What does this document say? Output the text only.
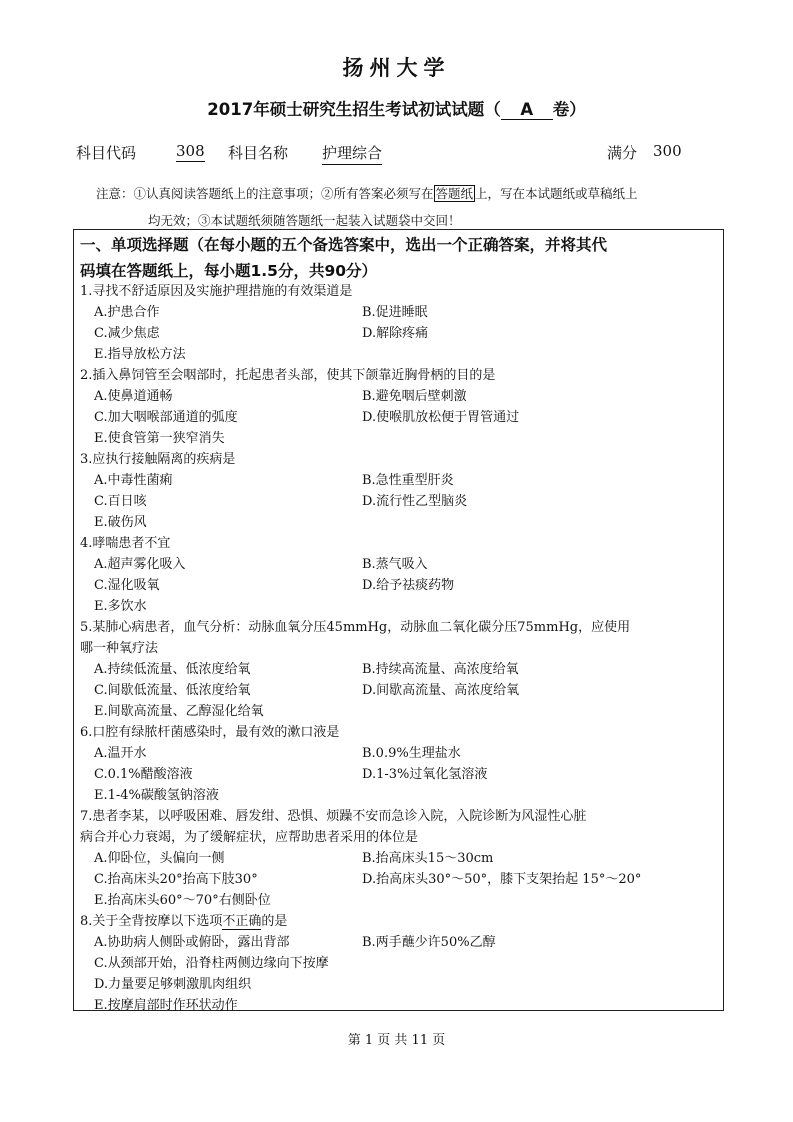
扬州大学
2017年硕士研究生招生考试初试试题（ A 卷）
科目代码	308 科目名称 护理综合	满分 300
注意：①认真阅读答题纸上的注意事项；②所有答案必须写在 答题纸 上，写在本试题纸或草稿纸上
均无效；③本试题纸须随答题纸一起装入试题袋中交回！
一、单项选择题（在每小题的五个备选答案中，选出一个正确答案，并将其代
码填在答题纸上，每小题1.5分，共90分）
1.寻找不舒适原因及实施护理措施的有效渠道是
A.护患合作	B.促进睡眠
C.减少焦虑	D.解除疼痛
E.指导放松方法
2.插入鼻饲管至会咽部时，托起患者头部，使其下颌靠近胸骨柄的目的是
A.使鼻道通畅	B.避免咽后壁刺激
C.加大咽喉部通道的弧度	D.使喉肌放松便于胃管通过
E.使食管第一狭窄消失
3.应执行接触隔离的疾病是
A.中毒性菌痢	B.急性重型肝炎
C.百日咳	D.流行性乙型脑炎
E.破伤风
4.哮喘患者不宜
A.超声雾化吸入	B.蒸气吸入
C.湿化吸氧	D.给予祛痰药物
E.多饮水
5.某肺心病患者，血气分析：动脉血氧分压45mmHg，动脉血二氧化碳分压75mmHg，应使用
哪一种氧疗法
A.持续低流量、低浓度给氧	B.持续高流量、高浓度给氧
C.间歇低流量、低浓度给氧	D.间歇高流量、高浓度给氧
E.间歇高流量、乙醇湿化给氧
6.口腔有绿脓杆菌感染时，最有效的漱口液是
A.温开水	B.0.9%生理盐水
C.0.1%醋酸溶液	D.1-3%过氧化氢溶液
E.1-4%碳酸氢钠溶液
7.患者李某，以呼吸困难、唇发绀、恐惧、烦躁不安而急诊入院，入院诊断为风湿性心脏
病合并心力衰竭，为了缓解症状，应帮助患者采用的体位是
A.仰卧位，头偏向一侧	B.抬高床头15～30cm
C.抬高床头20°抬高下肢30°	D.抬高床头30°～50°，膝下支架抬起 15°～20°
E.抬高床头60°～70°右侧卧位
8.关于全背按摩以下选项不正确的是
A.协助病人侧卧或俯卧，露出背部	B.两手蘸少许50%乙醇
C.从颈部开始，沿脊柱两侧边缘向下按摩
D.力量要足够刺激肌肉组织
E.按摩肩部时作环状动作
第 1 页 共 11 页
